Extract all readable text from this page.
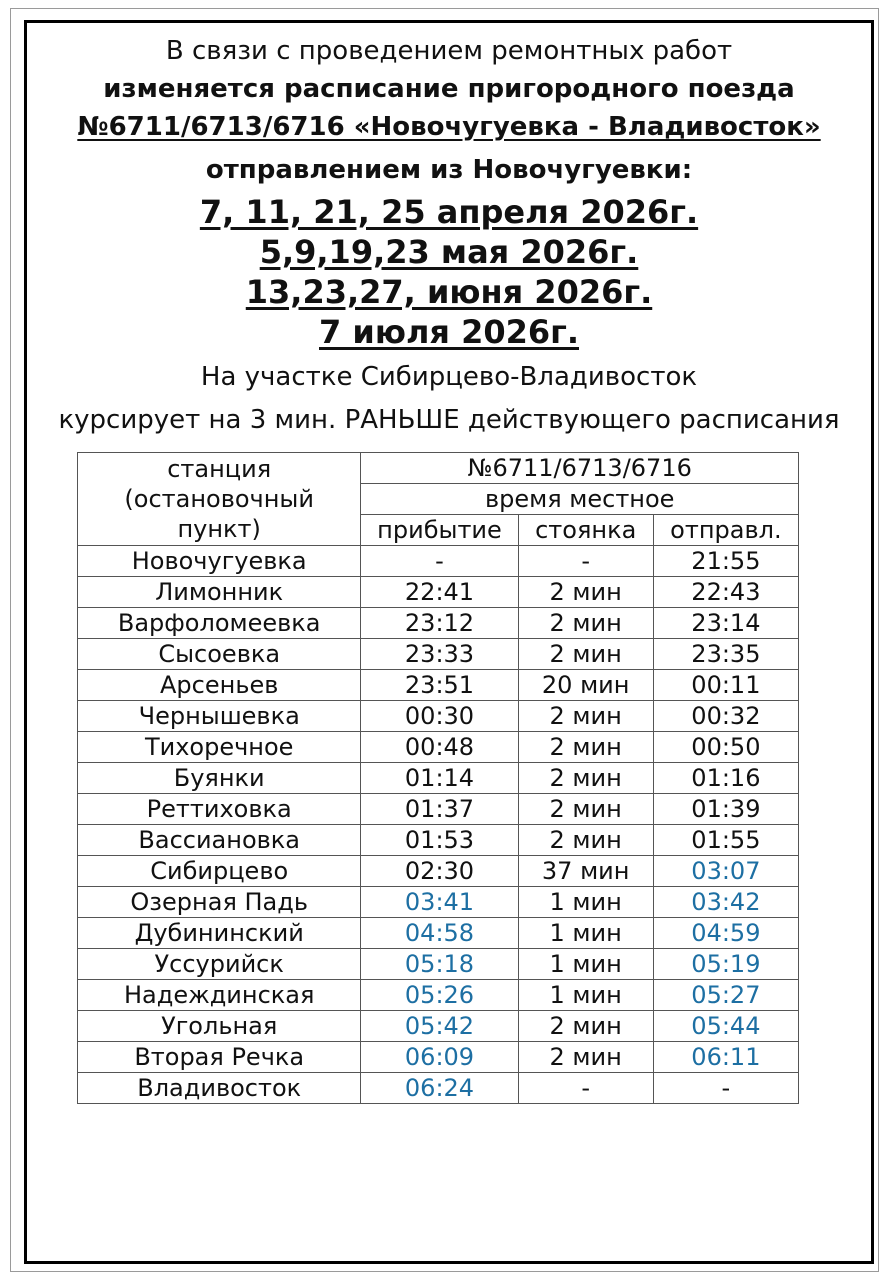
В связи с проведением ремонтных работ
изменяется расписание пригородного поезда
№6711/6713/6716 «Новочугуевка - Владивосток»
отправлением из Новочугуевки:
7, 11, 21, 25 апреля 2026г.
5,9,19,23 мая 2026г.
13,23,27, июня 2026г.
7 июля 2026г.
На участке Сибирцево-Владивосток
курсирует на 3 мин. РАНЬШЕ действующего расписания
станция
(остановочный
пункт)	№6711/6713/6716		
	время местное		
	прибытие	стоянка	отправл.
Новочугуевка	-	-	21:55
Лимонник	22:41	2 мин	22:43
Варфоломеевка	23:12	2 мин	23:14
Сысоевка	23:33	2 мин	23:35
Арсеньев	23:51	20 мин	00:11
Чернышевка	00:30	2 мин	00:32
Тихоречное	00:48	2 мин	00:50
Буянки	01:14	2 мин	01:16
Реттиховка	01:37	2 мин	01:39
Вассиановка	01:53	2 мин	01:55
Сибирцево	02:30	37 мин	03:07
Озерная Падь	03:41	1 мин	03:42
Дубининский	04:58	1 мин	04:59
Уссурийск	05:18	1 мин	05:19
Надеждинская	05:26	1 мин	05:27
Угольная	05:42	2 мин	05:44
Вторая Речка	06:09	2 мин	06:11
Владивосток	06:24	-	-
